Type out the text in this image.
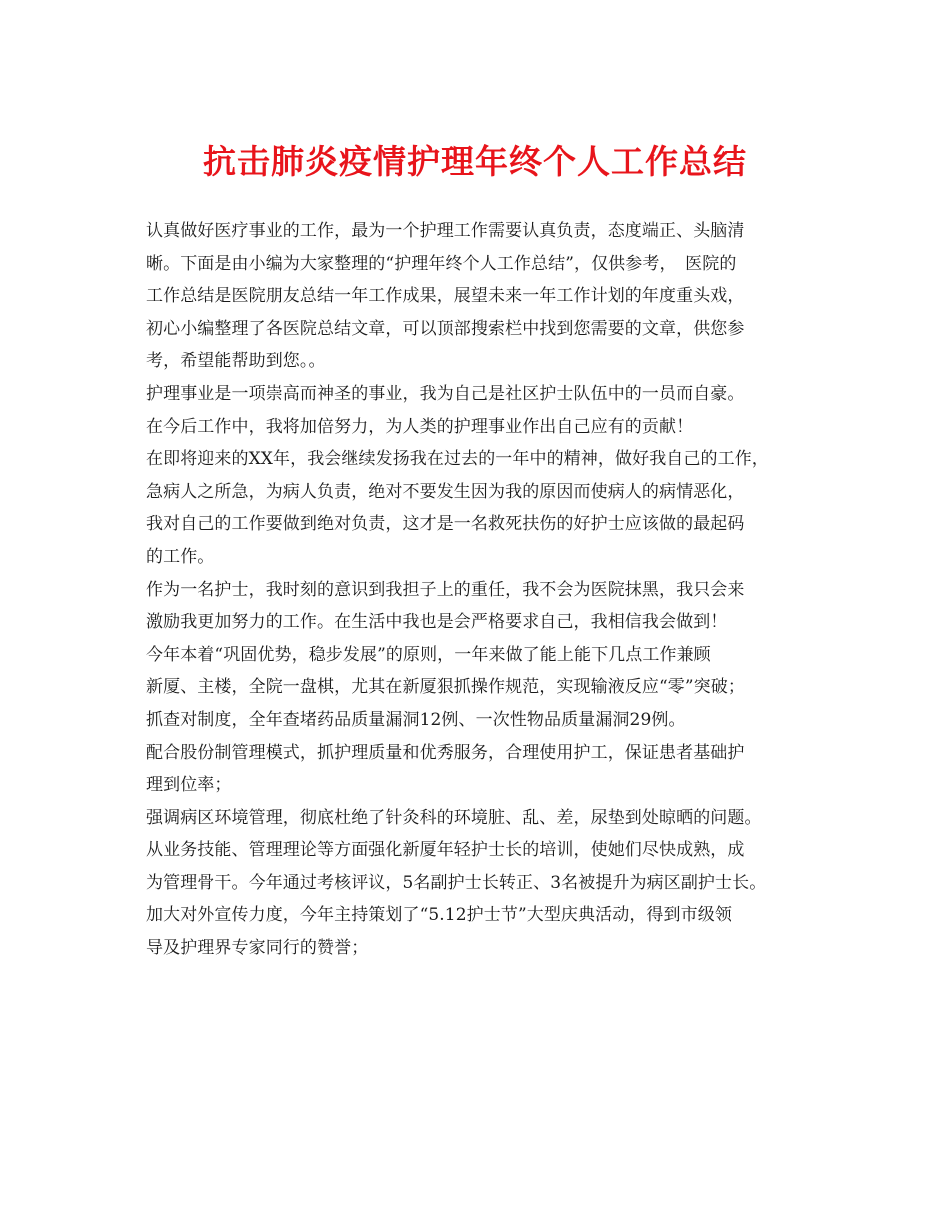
抗击肺炎疫情护理年终个人工作总结
认真做好医疗事业的工作，最为一个护理工作需要认真负责，态度端正、头脑清
晰。下面是由小编为大家整理的“护理年终个人工作总结”，仅供参考，　医院的
工作总结是医院朋友总结一年工作成果，展望未来一年工作计划的年度重头戏，
初心小编整理了各医院总结文章，可以顶部搜索栏中找到您需要的文章，供您参
考，希望能帮助到您。。
护理事业是一项崇高而神圣的事业，我为自己是社区护士队伍中的一员而自豪。
在今后工作中，我将加倍努力，为人类的护理事业作出自己应有的贡献！
在即将迎来的XX年，我会继续发扬我在过去的一年中的精神，做好我自己的工作，
急病人之所急，为病人负责，绝对不要发生因为我的原因而使病人的病情恶化，
我对自己的工作要做到绝对负责，这才是一名救死扶伤的好护士应该做的最起码
的工作。
作为一名护士，我时刻的意识到我担子上的重任，我不会为医院抹黑，我只会来
激励我更加努力的工作。在生活中我也是会严格要求自己，我相信我会做到！
今年本着“巩固优势，稳步发展”的原则，一年来做了能上能下几点工作兼顾
新厦、主楼，全院一盘棋，尤其在新厦狠抓操作规范，实现输液反应“零”突破；
抓查对制度，全年查堵药品质量漏洞12例、一次性物品质量漏洞29例。
配合股份制管理模式，抓护理质量和优秀服务，合理使用护工，保证患者基础护
理到位率；
强调病区环境管理，彻底杜绝了针灸科的环境脏、乱、差，尿垫到处晾晒的问题。
从业务技能、管理理论等方面强化新厦年轻护士长的培训，使她们尽快成熟，成
为管理骨干。今年通过考核评议，5名副护士长转正、3名被提升为病区副护士长。
加大对外宣传力度，今年主持策划了“5.12护士节”大型庆典活动，得到市级领
导及护理界专家同行的赞誉；
